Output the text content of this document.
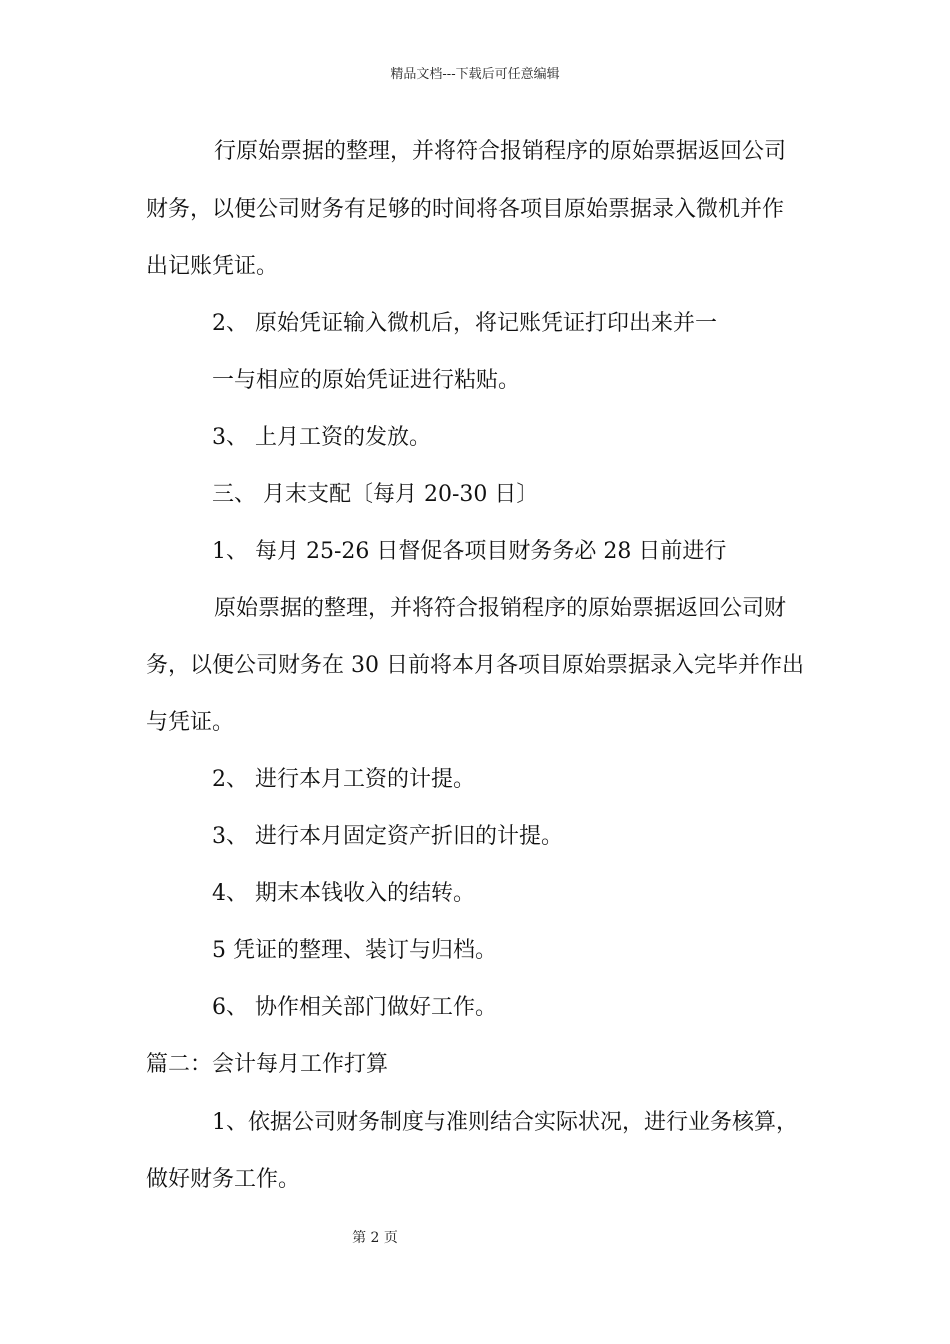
精品文档---下载后可任意编辑
行原始票据的整理，并将符合报销程序的原始票据返回公司
财务，以便公司财务有足够的时间将各项目原始票据录入微机并作
出记账凭证。
2、 原始凭证输入微机后，将记账凭证打印出来并一
一与相应的原始凭证进行粘贴。
3、 上月工资的发放。
三、 月末支配〔每月 20-30 日〕
1、 每月 25-26 日督促各项目财务务必 28 日前进行
原始票据的整理，并将符合报销程序的原始票据返回公司财
务，以便公司财务在 30 日前将本月各项目原始票据录入完毕并作出
与凭证。
2、 进行本月工资的计提。
3、 进行本月固定资产折旧的计提。
4、 期末本钱收入的结转。
5 凭证的整理、装订与归档。
6、 协作相关部门做好工作。
篇二：会计每月工作打算
1、依据公司财务制度与准则结合实际状况，进行业务核算，
做好财务工作。
第 2 页
